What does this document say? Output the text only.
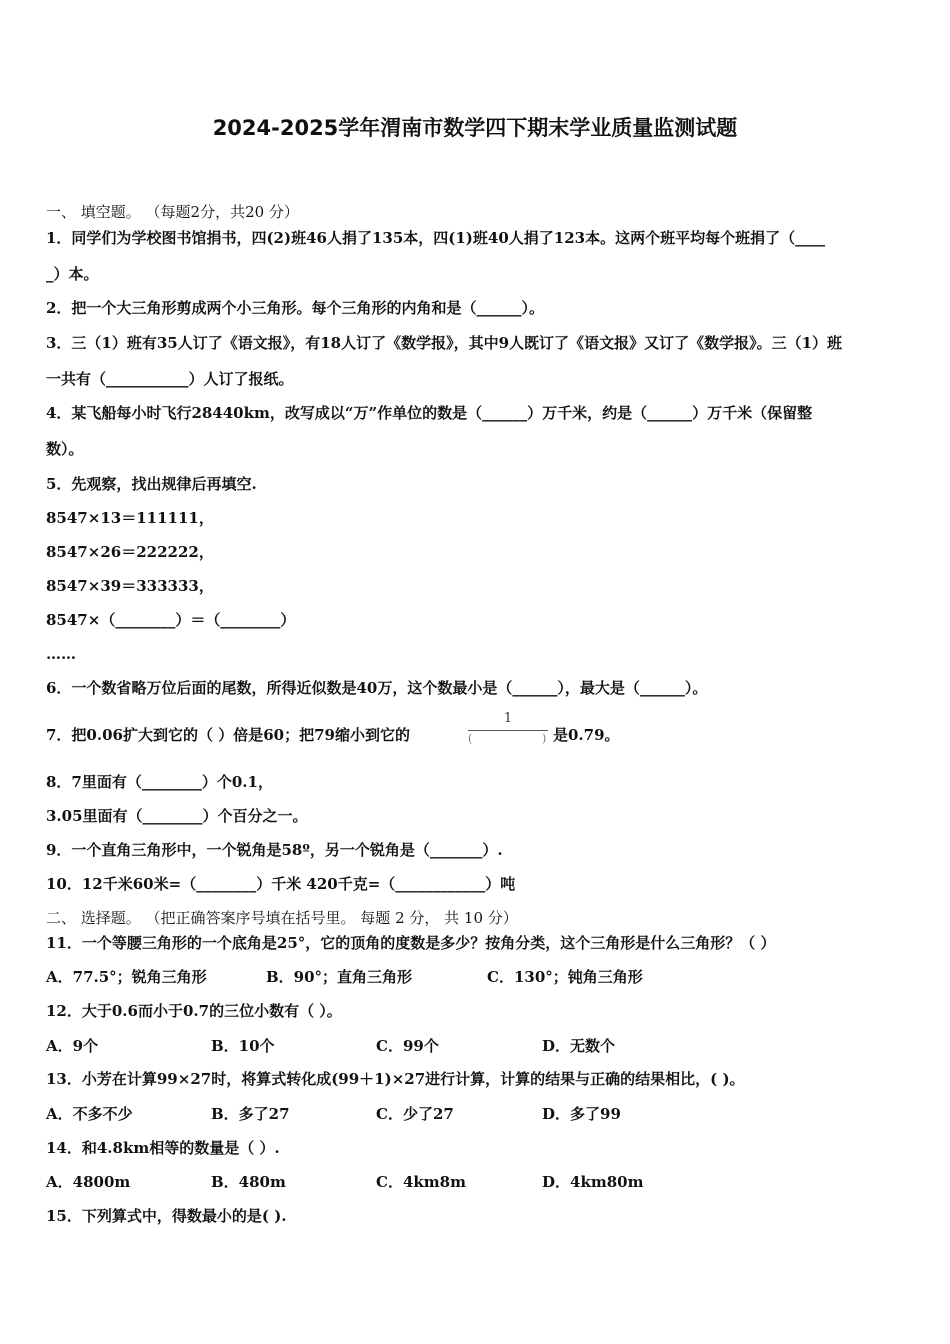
2024-2025学年渭南市数学四下期末学业质量监测试题
一、 填空题。 （每题2分，共20 分）
1．同学们为学校图书馆捐书，四(2)班46人捐了135本，四(1)班40人捐了123本。这两个班平均每个班捐了（____
_）本。
2．把一个大三角形剪成两个小三角形。每个三角形的内角和是（______）。
3．三（1）班有35人订了《语文报》，有18人订了《数学报》，其中9人既订了《语文报》又订了《数学报》。三（1）班
一共有（___________）人订了报纸。
4．某飞船每小时飞行28440km，改写成以“万”作单位的数是（______）万千米，约是（______）万千米（保留整
数）。
5．先观察，找出规律后再填空.
8547×13＝111111，
8547×26＝222222，
8547×39＝333333，
8547×（________）＝（________）
……
6．一个数省略万位后面的尾数，所得近似数是40万，这个数最小是（______），最大是（______）。
7．把0.06扩大到它的（ ）倍是60；把79缩小到它的
1
(	) 是0.79。
8．7里面有（________）个0.1，
3.05里面有（________）个百分之一。
9．一个直角三角形中，一个锐角是58º，另一个锐角是（_______）.
10．12千米60米=（________）千米 420千克=（____________）吨
二、 选择题。 （把正确答案序号填在括号里。 每题 2 分， 共 10 分）
11．一个等腰三角形的一个底角是25°，它的顶角的度数是多少？按角分类，这个三角形是什么三角形？（ ）
A．77.5°；锐角三角形	B．90°；直角三角形	C．130°；钝角三角形
12．大于0.6而小于0.7的三位小数有（ ）。
A．9个	B．10个	C．99个	D．无数个
13．小芳在计算99×27时，将算式转化成(99＋1)×27进行计算，计算的结果与正确的结果相比，( )。
A．不多不少	B．多了27	C．少了27	D．多了99
14．和4.8km相等的数量是（ ）.
A．4800m	B．480m	C．4km8m	D．4km80m
15．下列算式中，得数最小的是( ).
